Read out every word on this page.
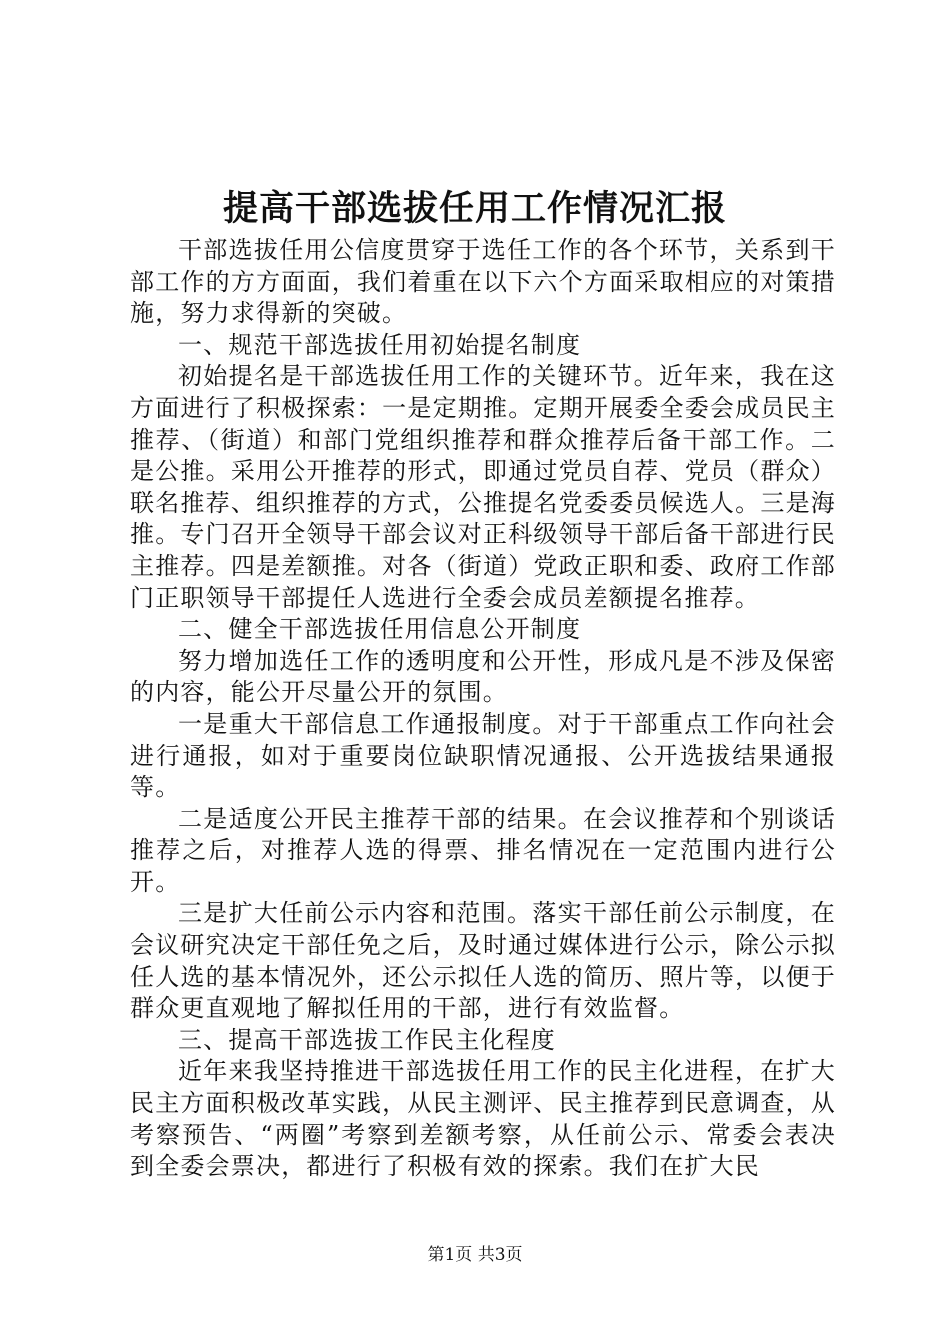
提高干部选拔任用工作情况汇报

干部选拔任用公信度贯穿于选任工作的各个环节，关系到干部工作的方方面面，我们着重在以下六个方面采取相应的对策措施，努力求得新的突破。

一、规范干部选拔任用初始提名制度

初始提名是干部选拔任用工作的关键环节。近年来，我在这方面进行了积极探索：一是定期推。定期开展委全委会成员民主推荐、（街道）和部门党组织推荐和群众推荐后备干部工作。二是公推。采用公开推荐的形式，即通过党员自荐、党员（群众）联名推荐、组织推荐的方式，公推提名党委委员候选人。三是海推。专门召开全领导干部会议对正科级领导干部后备干部进行民主推荐。四是差额推。对各（街道）党政正职和委、政府工作部门正职领导干部提任人选进行全委会成员差额提名推荐。

二、健全干部选拔任用信息公开制度

努力增加选任工作的透明度和公开性，形成凡是不涉及保密的内容，能公开尽量公开的氛围。

一是重大干部信息工作通报制度。对于干部重点工作向社会进行通报，如对于重要岗位缺职情况通报、公开选拔结果通报等。

二是适度公开民主推荐干部的结果。在会议推荐和个别谈话推荐之后，对推荐人选的得票、排名情况在一定范围内进行公开。

三是扩大任前公示内容和范围。落实干部任前公示制度，在会议研究决定干部任免之后，及时通过媒体进行公示，除公示拟任人选的基本情况外，还公示拟任人选的简历、照片等，以便于群众更直观地了解拟任用的干部，进行有效监督。

三、提高干部选拔工作民主化程度

近年来我坚持推进干部选拔任用工作的民主化进程，在扩大民主方面积极改革实践，从民主测评、民主推荐到民意调查，从考察预告、“两圈”考察到差额考察，从任前公示、常委会表决到全委会票决，都进行了积极有效的探索。我们在扩大民

第1页 共3页
